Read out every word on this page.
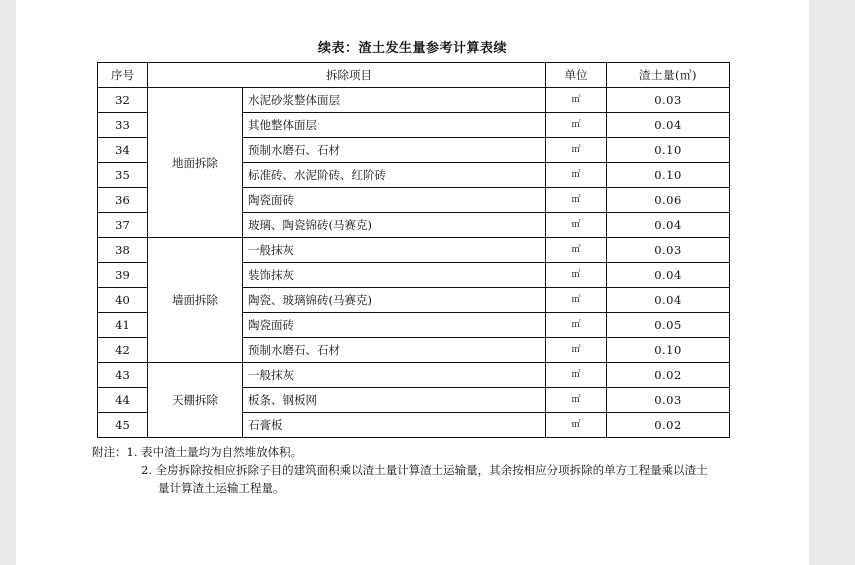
续表：渣土发生量参考计算表续
序号	拆除项目		单位	渣土量(㎥)
32	地面拆除	水泥砂浆整体面层	㎡	0.03
33		其他整体面层	㎡	0.04
34		预制水磨石、石材	㎡	0.10
35		标准砖、水泥阶砖、红阶砖	㎡	0.10
36		陶瓷面砖	㎡	0.06
37		玻璃、陶瓷锦砖(马赛克)	㎡	0.04
38	墙面拆除	一般抹灰	㎡	0.03
39		装饰抹灰	㎡	0.04
40		陶瓷、玻璃锦砖(马赛克)	㎡	0.04
41		陶瓷面砖	㎡	0.05
42		预制水磨石、石材	㎡	0.10
43	天棚拆除	一般抹灰	㎡	0.02
44		板条、钢板网	㎡	0.03
45		石膏板	㎡	0.02
附注：1. 表中渣土量均为自然堆放体积。
2. 全房拆除按相应拆除子目的建筑面积乘以渣土量计算渣土运输量，其余按相应分项拆除的单方工程量乘以渣土
量计算渣土运输工程量。
